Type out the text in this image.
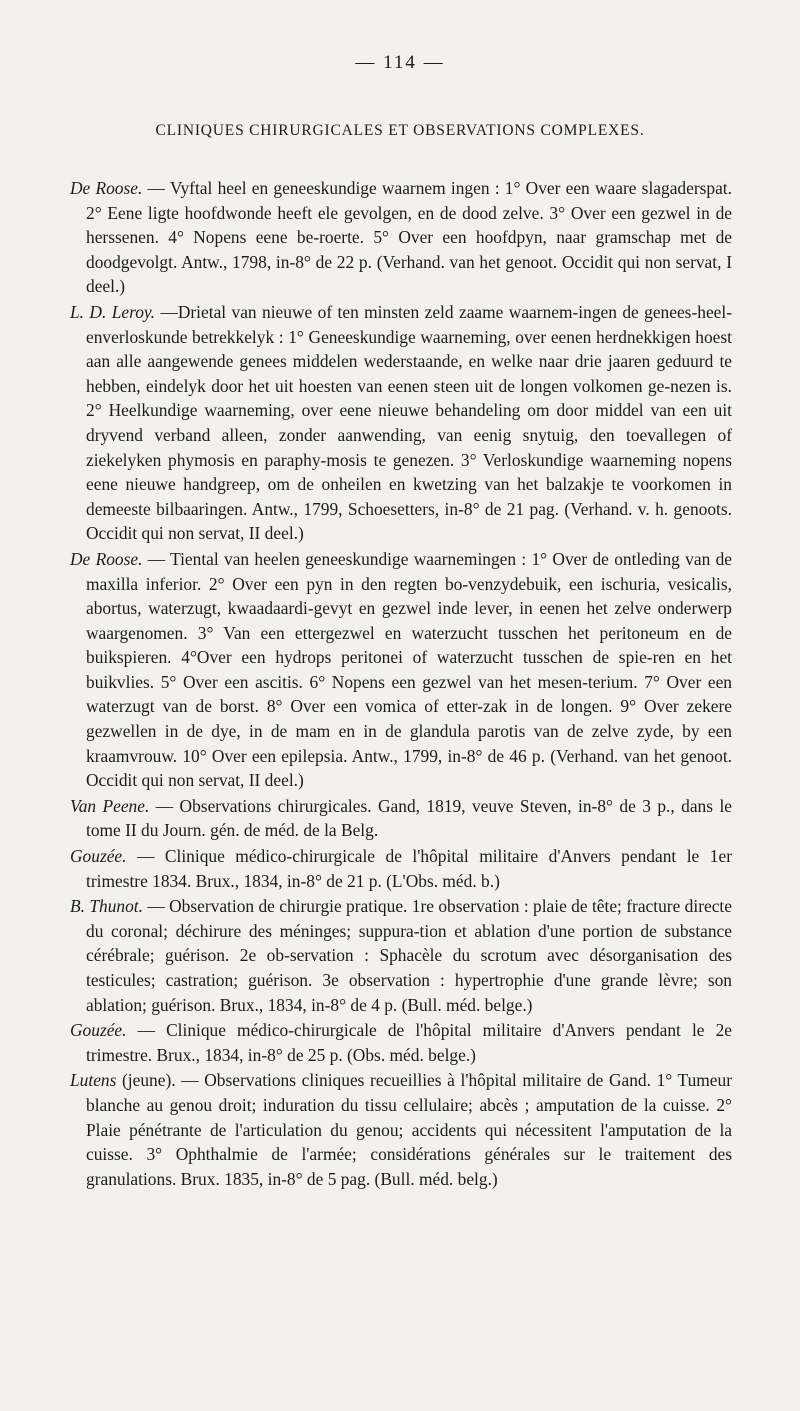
— 114 —
CLINIQUES CHIRURGICALES ET OBSERVATIONS COMPLEXES.

De Roose. — Vyftal heel en geneeskundige waarnem ingen : 1° Over een waare slagaderspat. 2° Eene ligte hoofdwonde heeft ele gevolgen, en de dood zelve. 3° Over een gezwel in de herssenen. 4° Nopens eene be-roerte. 5° Over een hoofdpyn, naar gramschap met de doodgevolgt. Antw., 1798, in-8° de 22 p. (Verhand. van het genoot. Occidit qui non servat, I deel.)

L. D. Leroy. —Drietal van nieuwe of ten minsten zeld zaame waarnem-ingen de genees-heel-enverloskunde betrekkelyk : 1° Geneeskundige waarneming, over eenen herdnekkigen hoest aan alle aangewende genees middelen wederstaande, en welke naar drie jaaren geduurd te hebben, eindelyk door het uit hoesten van eenen steen uit de longen volkomen ge-nezen is. 2° Heelkundige waarneming, over eene nieuwe behandeling om door middel van een uit dryvend verband alleen, zonder aanwending, van eenig snytuig, den toevallegen of ziekelyken phymosis en paraphy-mosis te genezen. 3° Verloskundige waarneming nopens eene nieuwe handgreep, om de onheilen en kwetzing van het balzakje te voorkomen in demeeste bilbaaringen. Antw., 1799, Schoesetters, in-8° de 21 pag. (Verhand. v. h. genoots. Occidit qui non servat, II deel.)

De Roose. — Tiental van heelen geneeskundige waarnemingen : 1° Over de ontleding van de maxilla inferior. 2° Over een pyn in den regten bo-venzydebuik, een ischuria, vesicalis, abortus, waterzugt, kwaadaardi-gevyt en gezwel inde lever, in eenen het zelve onderwerp waargenomen. 3° Van een ettergezwel en waterzucht tusschen het peritoneum en de buikspieren. 4°Over een hydrops peritonei of waterzucht tusschen de spie-ren en het buikvlies. 5° Over een ascitis. 6° Nopens een gezwel van het mesen-terium. 7° Over een waterzugt van de borst. 8° Over een vomica of etter-zak in de longen. 9° Over zekere gezwellen in de dye, in de mam en in de glandula parotis van de zelve zyde, by een kraamvrouw. 10° Over een epilepsia. Antw., 1799, in-8° de 46 p. (Verhand. van het genoot. Occidit qui non servat, II deel.)

Van Peene. — Observations chirurgicales. Gand, 1819, veuve Steven, in-8° de 3 p., dans le tome II du Journ. gén. de méd. de la Belg.

Gouzée. — Clinique médico-chirurgicale de l'hôpital militaire d'Anvers pendant le 1er trimestre 1834. Brux., 1834, in-8° de 21 p. (L'Obs. méd. b.)

B. Thunot. — Observation de chirurgie pratique. 1re observation : plaie de tête; fracture directe du coronal; déchirure des méninges; suppura-tion et ablation d'une portion de substance cérébrale; guérison. 2e ob-servation : Sphacèle du scrotum avec désorganisation des testicules; castration; guérison. 3e observation : hypertrophie d'une grande lèvre; son ablation; guérison. Brux., 1834, in-8° de 4 p. (Bull. méd. belge.)

Gouzée. — Clinique médico-chirurgicale de l'hôpital militaire d'Anvers pendant le 2e trimestre. Brux., 1834, in-8° de 25 p. (Obs. méd. belge.)

Lutens (jeune). — Observations cliniques recueillies à l'hôpital militaire de Gand. 1° Tumeur blanche au genou droit; induration du tissu cellulaire; abcès ; amputation de la cuisse. 2° Plaie pénétrante de l'articulation du genou; accidents qui nécessitent l'amputation de la cuisse. 3° Ophthalmie de l'armée; considérations générales sur le traitement des granulations. Brux. 1835, in-8° de 5 pag. (Bull. méd. belg.)
